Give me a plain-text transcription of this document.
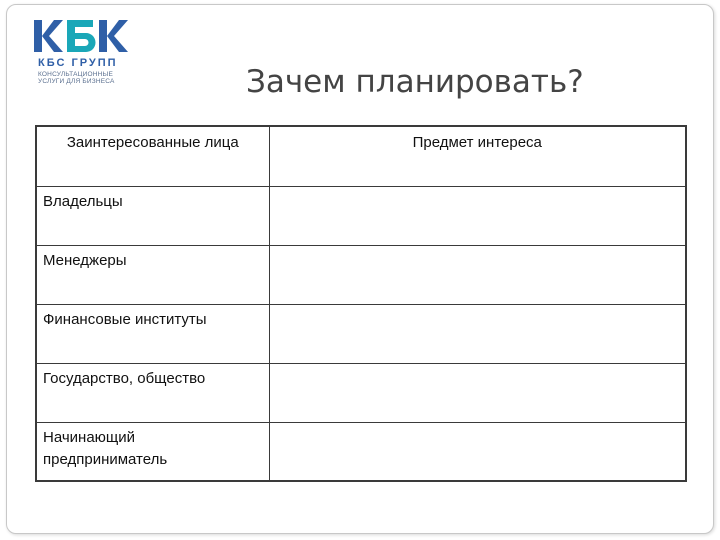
КБС ГРУПП
КОНСУЛЬТАЦИОННЫЕ
УСЛУГИ ДЛЯ БИЗНЕСА	Зачем планировать?
Заинтересованные лица	Предмет интереса
Владельцы	
Менеджеры	
Финансовые институты	
Государство, общество	
Начинающий предприниматель	
